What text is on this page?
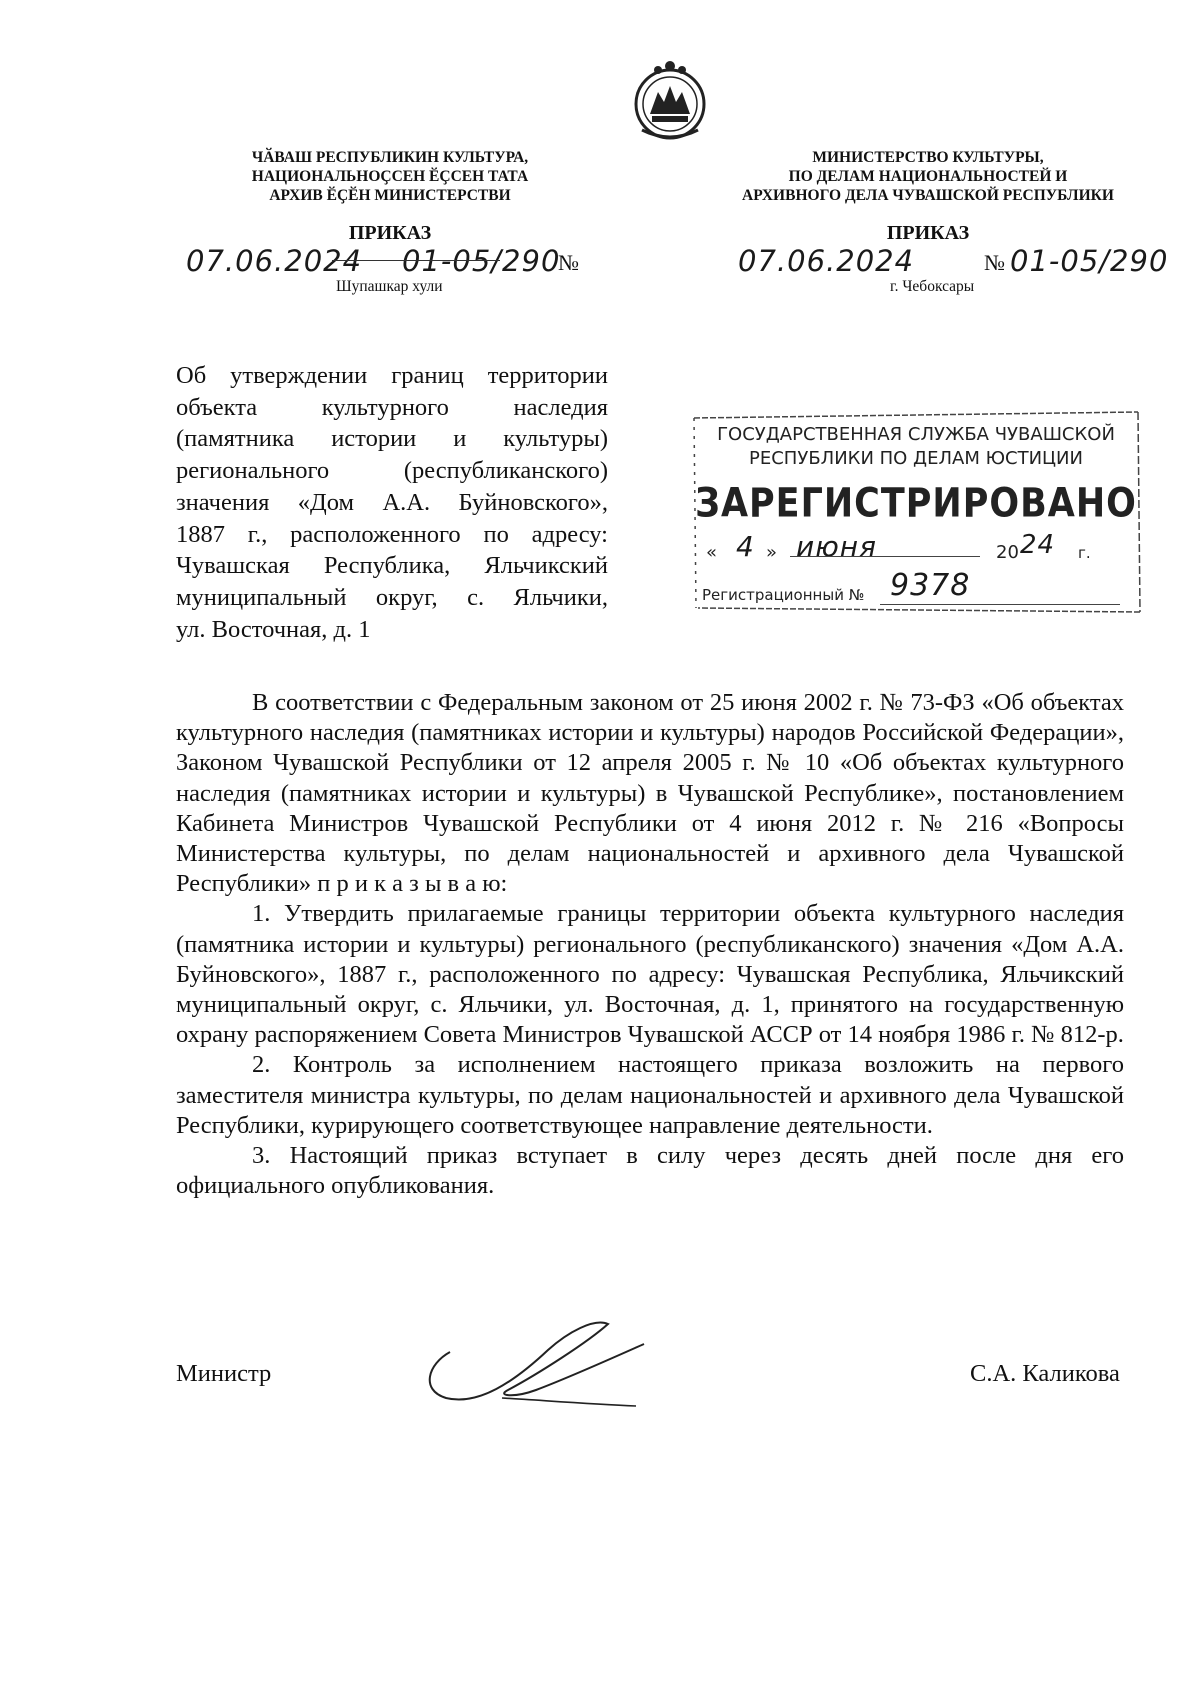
ЧӐВАШ РЕСПУБЛИКИН КУЛЬТУРА,
НАЦИОНАЛЬНОҪСЕН ӖҪСЕН ТАТА
АРХИВ ӖҪӖН МИНИСТЕРСТВИ
ПРИКАЗ
07.06.2024 01-05/290
№
Шупашкар хули
МИНИСТЕРСТВО КУЛЬТУРЫ,
ПО ДЕЛАМ НАЦИОНАЛЬНОСТЕЙ И
АРХИВНОГО ДЕЛА ЧУВАШСКОЙ РЕСПУБЛИКИ
ПРИКАЗ
07.06.2024	№ 01-05/290
г. Чебоксары
Об утверждении границ территории
объекта культурного наследия
(памятника истории и культуры)
регионального (республиканского)
значения «Дом А.А. Буйновского»,
1887 г., расположенного по адресу:
Чувашская Республика, Яльчикский
муниципальный округ, с. Яльчики,
ул. Восточная, д. 1
ГОСУДАРСТВЕННАЯ СЛУЖБА ЧУВАШСКОЙ
РЕСПУБЛИКИ ПО ДЕЛАМ ЮСТИЦИИ
ЗАРЕГИСТРИРОВАНО
« 4 » июня	20 24 г.
Регистрационный № 9378

В соответствии с Федеральным законом от 25 июня 2002 г. № 73-ФЗ «Об объектах культурного наследия (памятниках истории и культуры) народов Российской Федерации», Законом Чувашской Республики от 12 апреля 2005 г. № 10 «Об объектах культурного наследия (памятниках истории и культуры) в Чувашской Республике», постановлением Кабинета Министров Чувашской Республики от 4 июня 2012 г. № 216 «Вопросы Министерства культуры, по делам национальностей и архивного дела Чувашской Республики» п р и к а з ы в а ю:

1. Утвердить прилагаемые границы территории объекта культурного наследия (памятника истории и культуры) регионального (республиканского) значения «Дом А.А. Буйновского», 1887 г., расположенного по адресу: Чувашская Республика, Яльчикский муниципальный округ, с. Яльчики, ул. Восточная, д. 1, принятого на государственную охрану распоряжением Совета Министров Чувашской АССР от 14 ноября 1986 г. № 812-р.

2. Контроль за исполнением настоящего приказа возложить на первого заместителя министра культуры, по делам национальностей и архивного дела Чувашской Республики, курирующего соответствующее направление деятельности.

3. Настоящий приказ вступает в силу через десять дней после дня его официального опубликования.

Министр	С.А. Каликова
